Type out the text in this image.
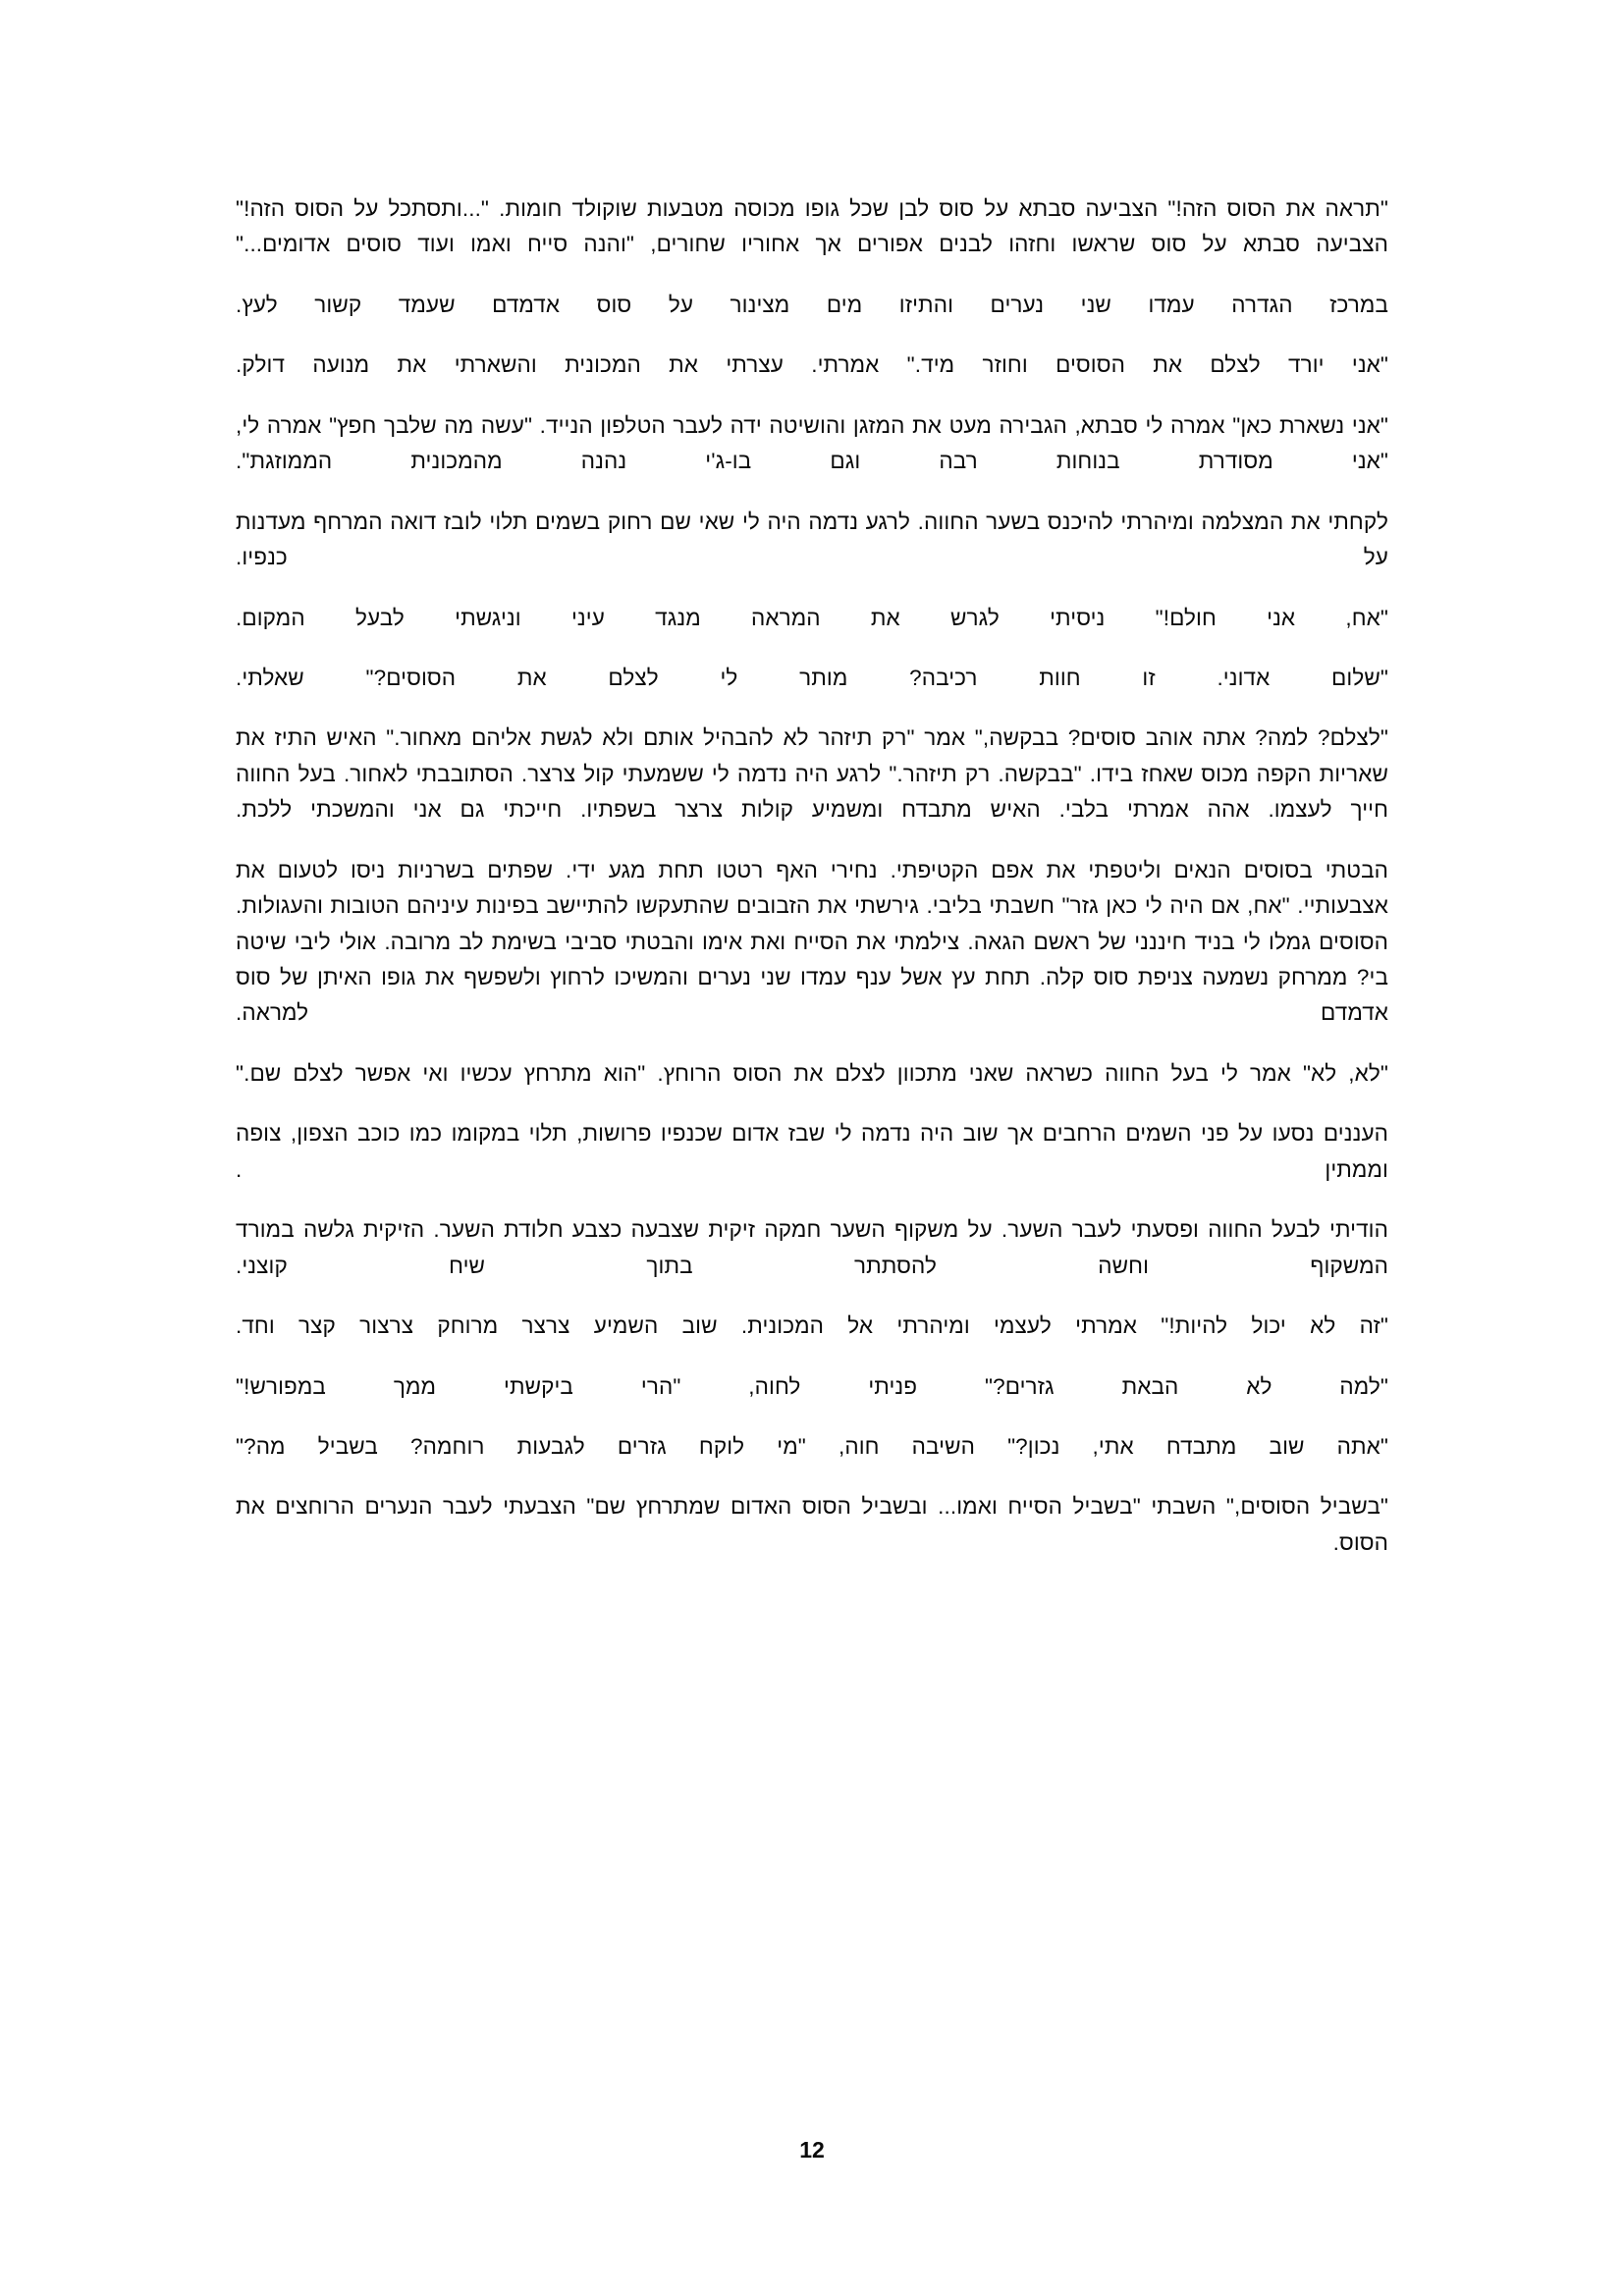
"תראה את הסוס הזה!" הצביעה סבתא על סוס לבן שכל גופו מכוסה מטבעות שוקולד חומות. "...ותסתכל על הסוס הזה!" הצביעה סבתא על סוס שראשו וחזהו לבנים אפורים אך אחוריו שחורים, "והנה סייח ואמו ועוד סוסים אדומים..."

במרכז הגדרה עמדו שני נערים והתיזו מים מצינור על סוס אדמדם שעמד קשור לעץ.

"אני יורד לצלם את הסוסים וחוזר מיד." אמרתי. עצרתי את המכונית והשארתי את מנועה דולק.

"אני נשארת כאן" אמרה לי סבתא, הגבירה מעט את המזגן והושיטה ידה לעבר הטלפון הנייד. "עשה מה שלבך חפץ" אמרה לי, "אני מסודרת בנוחות רבה וגם בו-ג'י נהנה מהמכונית הממוזגת".

לקחתי את המצלמה ומיהרתי להיכנס בשער החווה. לרגע נדמה היה לי שאי שם רחוק בשמים תלוי לובז דואה המרחף מעדנות על כנפיו.

"אח, אני חולם!" ניסיתי לגרש את המראה מנגד עיני וניגשתי לבעל המקום.

"שלום אדוני. זו חוות רכיבה? מותר לי לצלם את הסוסים?" שאלתי.

"לצלם? למה? אתה אוהב סוסים? בבקשה," אמר "רק תיזהר לא להבהיל אותם ולא לגשת אליהם מאחור." האיש התיז את שאריות הקפה מכוס שאחז בידו. "בבקשה. רק תיזהר." לרגע היה נדמה לי ששמעתי קול צרצר. הסתובבתי לאחור. בעל החווה חייך לעצמו. אהה אמרתי בלבי. האיש מתבדח ומשמיע קולות צרצר בשפתיו. חייכתי גם אני והמשכתי ללכת.

הבטתי בסוסים הנאים וליטפתי את אפם הקטיפתי. נחירי האף רטטו תחת מגע ידי. שפתים בשרניות ניסו לטעום את אצבעותיי. "אח, אם היה לי כאן גזר" חשבתי בליבי. גירשתי את הזבובים שהתעקשו להתיישב בפינות עיניהם הטובות והעגולות. הסוסים גמלו לי בניד חיננני של ראשם הגאה. צילמתי את הסייח ואת אימו והבטתי סביבי בשימת לב מרובה. אולי ליבי שיטה בי? ממרחק נשמעה צניפת סוס קלה. תחת עץ אשל ענף עמדו שני נערים והמשיכו לרחוץ ולשפשף את גופו האיתן של סוס אדמדם למראה.

"לא, לא" אמר לי בעל החווה כשראה שאני מתכוון לצלם את הסוס הרוחץ. "הוא מתרחץ עכשיו ואי אפשר לצלם שם."

העננים נסעו על פני השמים הרחבים אך שוב היה נדמה לי שבז אדום שכנפיו פרושות, תלוי במקומו כמו כוכב הצפון, צופה וממתין .

הודיתי לבעל החווה ופסעתי לעבר השער. על משקוף השער חמקה זיקית שצבעה כצבע חלודת השער. הזיקית גלשה במורד המשקוף וחשה להסתתר בתוך שיח קוצני.

"זה לא יכול להיות!" אמרתי לעצמי ומיהרתי אל המכונית. שוב השמיע צרצר מרוחק צרצור קצר וחד.

"למה לא הבאת גזרים?" פניתי לחוה, "הרי ביקשתי ממך במפורש!"

"אתה שוב מתבדח אתי, נכון?" השיבה חוה, "מי לוקח גזרים לגבעות רוחמה? בשביל מה?"

"בשביל הסוסים," השבתי "בשביל הסייח ואמו... ובשביל הסוס האדום שמתרחץ שם" הצבעתי לעבר הנערים הרוחצים את הסוס.

12
